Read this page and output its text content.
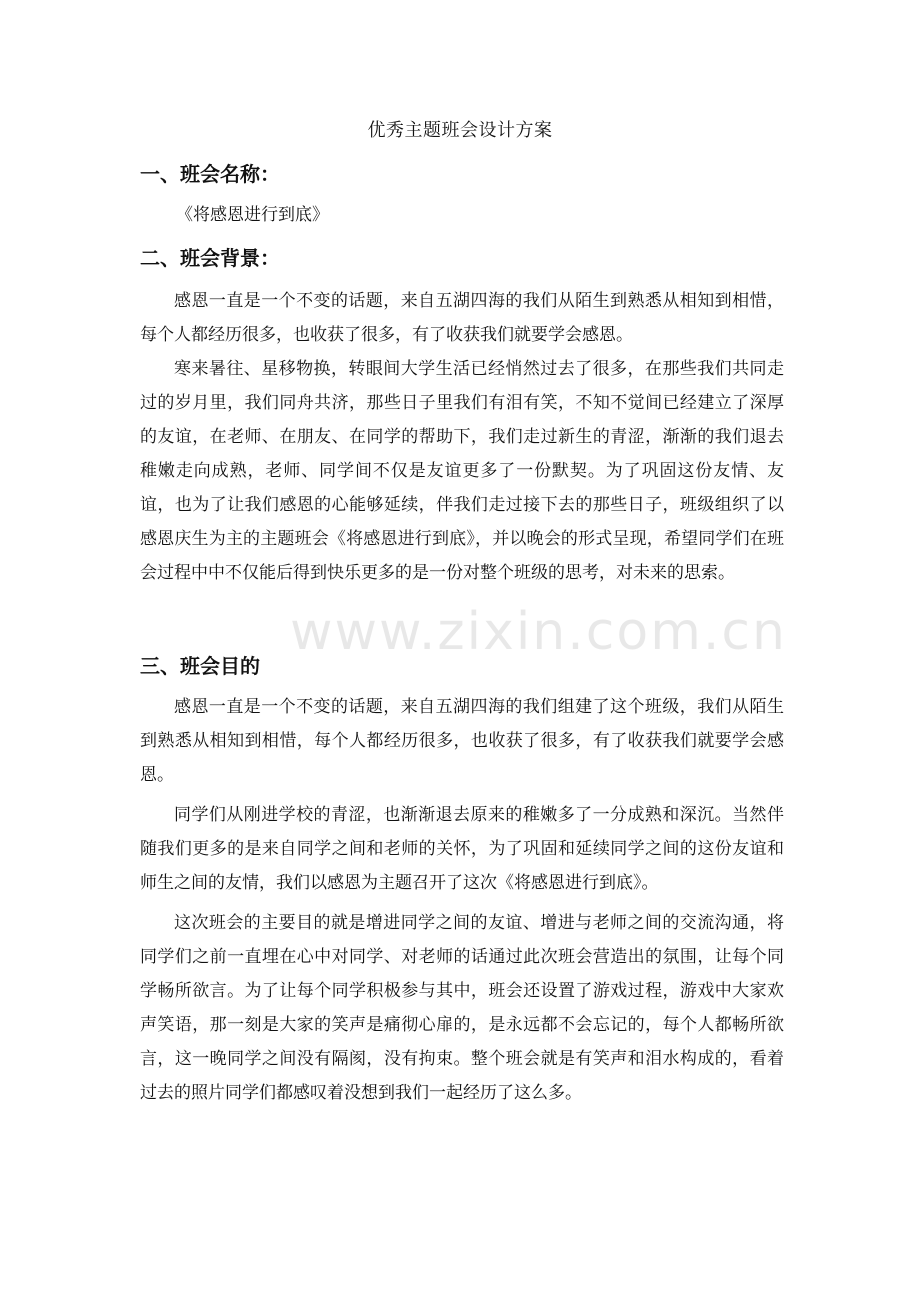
优秀主题班会设计方案
一、班会名称：
《将感恩进行到底》
二、班会背景：

感恩一直是一个不变的话题，来自五湖四海的我们从陌生到熟悉从相知到相惜，每个人都经历很多，也收获了很多，有了收获我们就要学会感恩。

寒来暑往、星移物换，转眼间大学生活已经悄然过去了很多，在那些我们共同走过的岁月里，我们同舟共济，那些日子里我们有泪有笑，不知不觉间已经建立了深厚的友谊，在老师、在朋友、在同学的帮助下，我们走过新生的青涩，渐渐的我们退去稚嫩走向成熟，老师、同学间不仅是友谊更多了一份默契。为了巩固这份友情、友谊，也为了让我们感恩的心能够延续，伴我们走过接下去的那些日子，班级组织了以感恩庆生为主的主题班会《将感恩进行到底》，并以晚会的形式呈现，希望同学们在班会过程中中不仅能后得到快乐更多的是一份对整个班级的思考，对未来的思索。

三、班会目的

感恩一直是一个不变的话题，来自五湖四海的我们组建了这个班级，我们从陌生到熟悉从相知到相惜，每个人都经历很多，也收获了很多，有了收获我们就要学会感恩。

同学们从刚进学校的青涩，也渐渐退去原来的稚嫩多了一分成熟和深沉。当然伴随我们更多的是来自同学之间和老师的关怀，为了巩固和延续同学之间的这份友谊和师生之间的友情，我们以感恩为主题召开了这次《将感恩进行到底》。

这次班会的主要目的就是增进同学之间的友谊、增进与老师之间的交流沟通，将同学们之前一直埋在心中对同学、对老师的话通过此次班会营造出的氛围，让每个同学畅所欲言。为了让每个同学积极参与其中，班会还设置了游戏过程，游戏中大家欢声笑语，那一刻是大家的笑声是痛彻心扉的，是永远都不会忘记的，每个人都畅所欲言，这一晚同学之间没有隔阂，没有拘束。整个班会就是有笑声和泪水构成的，看着过去的照片同学们都感叹着没想到我们一起经历了这么多。

www.zixin.com.cn
